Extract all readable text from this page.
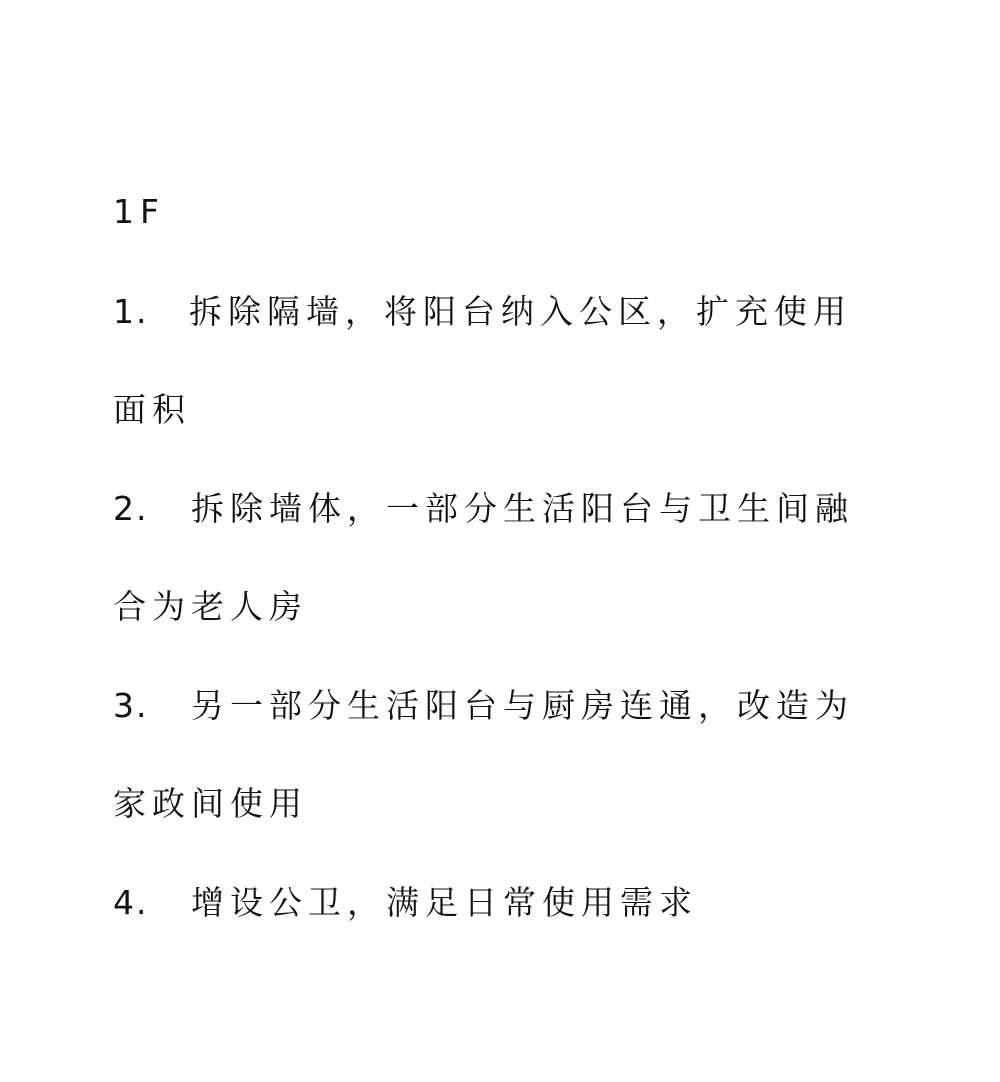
1F
1. 拆除隔墙，将阳台纳入公区，扩充使用
面积
2. 拆除墙体，一部分生活阳台与卫生间融
合为老人房
3. 另一部分生活阳台与厨房连通，改造为
家政间使用
4. 增设公卫，满足日常使用需求
